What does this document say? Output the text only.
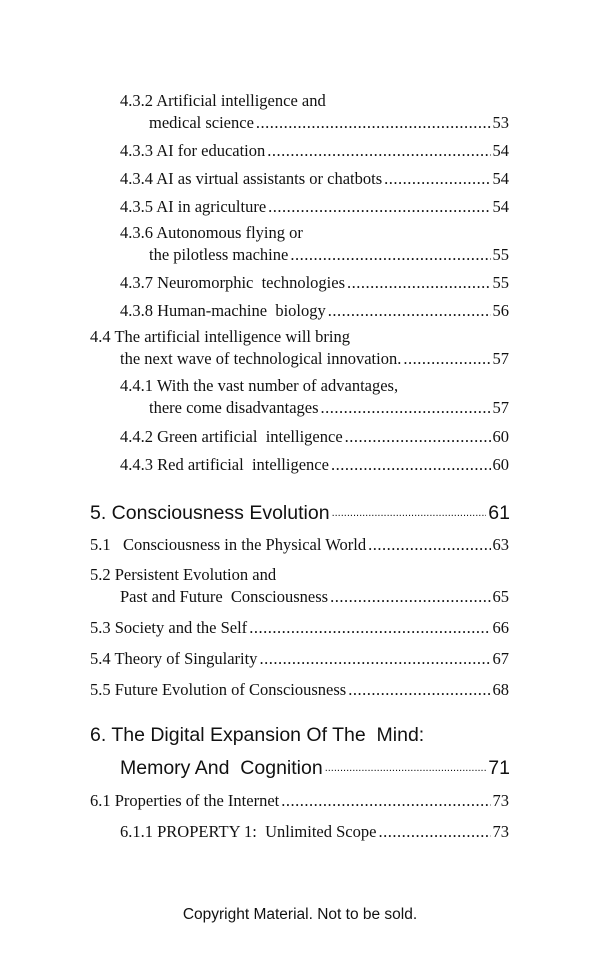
4.3.2 Artificial intelligence and
medical science .....	53
4.3.3 AI for education .....	54
4.3.4 AI as virtual assistants or chatbots .....	54
4.3.5 AI in agriculture .....	54
4.3.6 Autonomous flying or
the pilotless machine .....	55
4.3.7 Neuromorphic  technologies .....	55
4.3.8 Human-machine  biology .....	56
4.4 The artificial intelligence will bring
the next wave of technological innovation. .....	57
4.4.1 With the vast number of advantages,
there come disadvantages .....	57
4.4.2 Green artificial  intelligence .....	60
4.4.3 Red artificial  intelligence .....	60
5. Consciousness Evolution .....	61
5.1   Consciousness in the Physical World .....	63
5.2 Persistent Evolution and
Past and Future  Consciousness .....	65
5.3 Society and the Self .....	66
5.4 Theory of Singularity .....	67
5.5 Future Evolution of Consciousness .....	68
6. The Digital Expansion Of The  Mind:
Memory And  Cognition .....	71
6.1 Properties of the Internet .....	73
6.1.1 PROPERTY 1:  Unlimited Scope .....	73
Copyright Material. Not to be sold.
